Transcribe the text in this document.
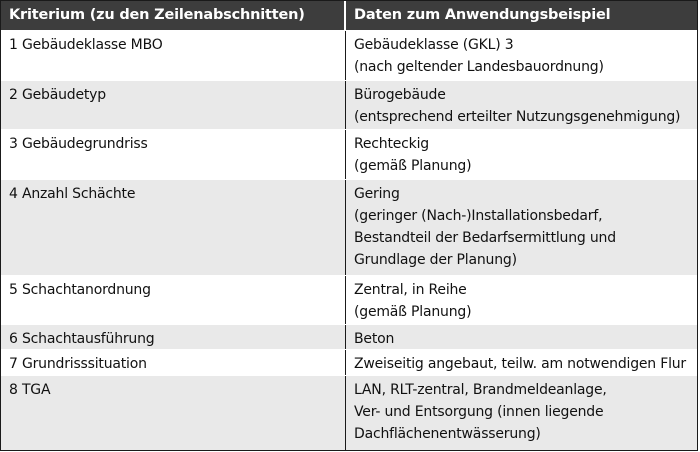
Kriterium (zu den Zeilenabschnitten)	Daten zum Anwendungsbeispiel
1 Gebäudeklasse MBO	Gebäudeklasse (GKL) 3
(nach geltender Landesbauordnung)
2 Gebäudetyp	Bürogebäude
(entsprechend erteilter Nutzungsgenehmigung)
3 Gebäudegrundriss	Rechteckig
(gemäß Planung)
4 Anzahl Schächte	Gering
(geringer (Nach-)Installationsbedarf,
Bestandteil der Bedarfsermittlung und
Grundlage der Planung)
5 Schachtanordnung	Zentral, in Reihe
(gemäß Planung)
6 Schachtausführung	Beton
7 Grundrisssituation	Zweiseitig angebaut, teilw. am notwendigen Flur
8 TGA	LAN, RLT-zentral, Brandmeldeanlage,
Ver- und Entsorgung (innen liegende
Dachflächenentwässerung)
